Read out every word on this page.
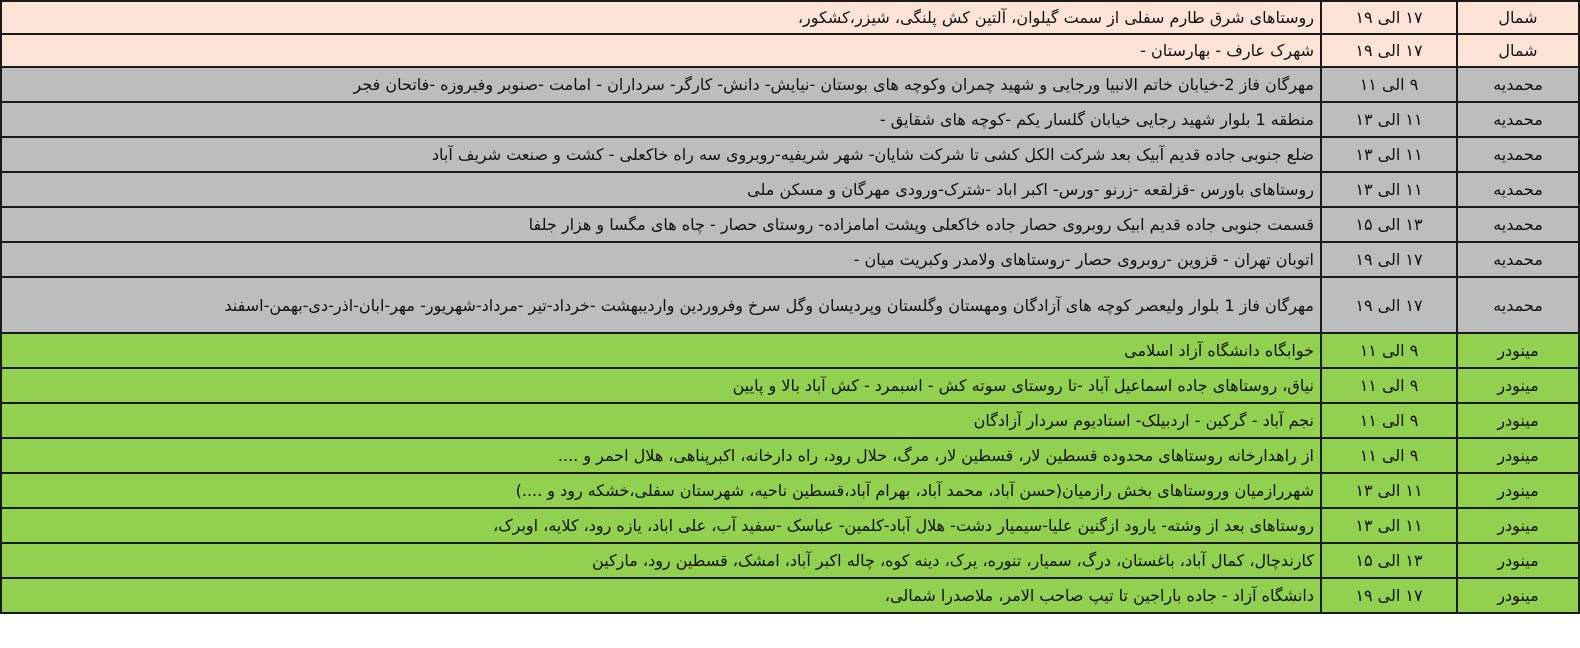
شمال	۱۷ الی ۱۹	روستاهای شرق طارم سفلی از سمت گیلوان، آلتین کش پلنگی، شیزر،کشکور،
شمال	۱۷ الی ۱۹	شهرک عارف - بهارستان -
محمدیه	۹ الی ۱۱	مهرگان فاز 2-خیابان خاتم الانبیا ورجایی و شهید چمران وکوچه های بوستان -نیایش- دانش- کارگر- سرداران - امامت -صنوبر وفیروزه -فاتحان فجر
محمدیه	۱۱ الی ۱۳	منطقه 1 بلوار شهید رجایی خیابان گلسار یکم -کوچه های شقایق -
محمدیه	۱۱ الی ۱۳	ضلع جنوبی جاده قدیم آبیک بعد شرکت الکل کشی تا شرکت شایان- شهر شریفیه-روبروی سه راه خاکعلی - کشت و صنعت شریف آباد
محمدیه	۱۱ الی ۱۳	روستاهای باورس -قزلقعه -زرنو -ورس- اکبر اباد -شترک-ورودی مهرگان و مسکن ملی
محمدیه	۱۳ الی ۱۵	قسمت جنوبی جاده قدیم ابیک روبروی حصار جاده خاکعلی وپشت امامزاده- روستای حصار - چاه های مگسا و هزار جلفا
محمدیه	۱۷ الی ۱۹	اتوبان تهران - قزوین -روبروی حصار -روستاهای ولامدر وکبریت میان -
محمدیه	۱۷ الی ۱۹	مهرگان فاز 1 بلوار ولیعصر کوچه های آزادگان ومهستان وگلستان وپردیسان وگل سرخ وفروردین واردیبهشت -خرداد-تیر -مرداد-شهریور- مهر-ابان-اذر-دی-بهمن-اسفند
مینودر	۹ الی ۱۱	خوابگاه دانشگاه آزاد اسلامی
مینودر	۹ الی ۱۱	نیاق، روستاهای جاده اسماعیل آباد -تا روستای سوته کش - اسبمرد - کش آباد بالا و پایین
مینودر	۹ الی ۱۱	نجم آباد - گرکین - اردبیلک- استادیوم سردار آزادگان
مینودر	۹ الی ۱۱	از راهدارخانه روستاهای محدوده قسطین لار، قسطین لار، مرگ، حلال رود، راه دارخانه، اکبرپناهی، هلال احمر و ....
مینودر	۱۱ الی ۱۳	شهررازمیان وروستاهای بخش رازمیان(حسن آباد، محمد آباد، بهرام آباد،قسطین ناحیه، شهرستان سفلی،خشکه رود و ....)
مینودر	۱۱ الی ۱۳	روستاهای بعد از وشته- یارود ازگنین علیا-سیمیار دشت- هلال آباد-کلمین- عباسک -سفید آب، علی اباد، یازه رود، کلایه، اوبرک،
مینودر	۱۳ الی ۱۵	کارندچال، کمال آباد، باغستان، درگ، سمیار، تنوره، یرک، دینه کوه، چاله اکبر آباد، امشک، قسطین رود، مارکین
مینودر	۱۷ الی ۱۹	دانشگاه آزاد - جاده باراجین تا تیپ صاحب الامر، ملاصدرا شمالی،
